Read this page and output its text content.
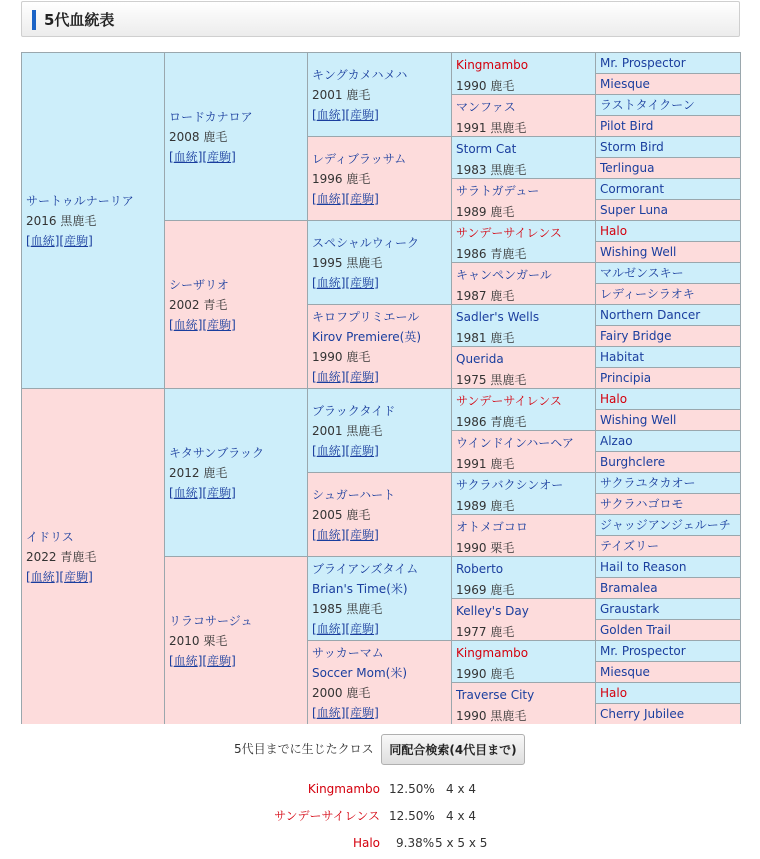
5代血統表
サートゥルナーリア
2016 黒鹿毛
[血統][産駒]
イドリス
2022 青鹿毛
[血統][産駒]
ロードカナロア
2008 鹿毛
[血統][産駒]
シーザリオ
2002 青毛
[血統][産駒]
キタサンブラック
2012 鹿毛
[血統][産駒]
リラコサージュ
2010 栗毛
[血統][産駒]
キングカメハメハ
2001 鹿毛
[血統][産駒]
レディブラッサム
1996 鹿毛
[血統][産駒]
スペシャルウィーク
1995 黒鹿毛
[血統][産駒]
キロフプリミエール
Kirov Premiere(英)
1990 鹿毛
[血統][産駒]
ブラックタイド
2001 黒鹿毛
[血統][産駒]
シュガーハート
2005 鹿毛
[血統][産駒]
ブライアンズタイム
Brian's Time(米)
1985 黒鹿毛
[血統][産駒]
サッカーマム
Soccer Mom(米)
2000 鹿毛
[血統][産駒]
Kingmambo
1990 鹿毛
マンファス
1991 黒鹿毛
Storm Cat
1983 黒鹿毛
サラトガデュー
1989 鹿毛
サンデーサイレンス
1986 青鹿毛
キャンペンガール
1987 鹿毛
Sadler's Wells
1981 鹿毛
Querida
1975 黒鹿毛
サンデーサイレンス
1986 青鹿毛
ウインドインハーヘア
1991 鹿毛
サクラバクシンオー
1989 鹿毛
オトメゴコロ
1990 栗毛
Roberto
1969 鹿毛
Kelley's Day
1977 鹿毛
Kingmambo
1990 鹿毛
Traverse City
1990 黒鹿毛
Mr. Prospector
Miesque
ラストタイクーン
Pilot Bird
Storm Bird
Terlingua
Cormorant
Super Luna
Halo
Wishing Well
マルゼンスキー
レディーシラオキ
Northern Dancer
Fairy Bridge
Habitat
Principia
Halo
Wishing Well
Alzao
Burghclere
サクラユタカオー
サクラハゴロモ
ジャッジアンジェルーチ
テイズリー
Hail to Reason
Bramalea
Graustark
Golden Trail
Mr. Prospector
Miesque
Halo
Cherry Jubilee
5代目までに生じたクロス	同配合検索(4代目まで)
Kingmambo 12.50% 4 x 4
サンデーサイレンス 12.50% 4 x 4
Halo 9.38% 5 x 5 x 5
